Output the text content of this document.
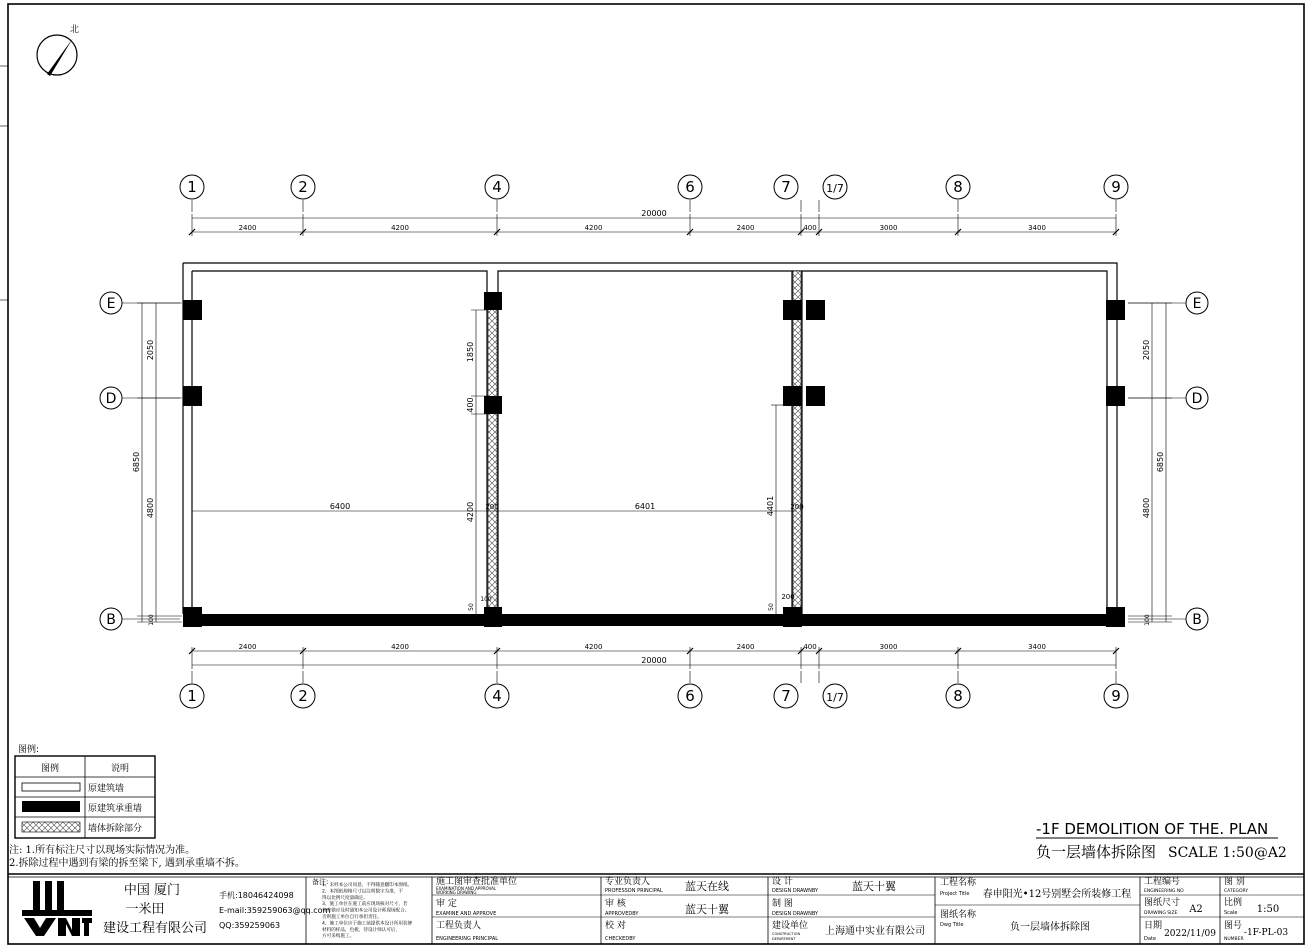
北
20000
2400	4200	4200	2400	400	3000	3400
20000
2400	4200	4200	2400	400	3000	3400
1	2	4	6	7	1/7	8	9
1	2	4	6	7	1/7	8	9
E	E
D	D
B	B
6850
2050
4800
100
6850
2050
4800
100
6400	6401
200	200
1850
400
4200	4401
50
100
50
200
图例:
图例	说明
原建筑墙
原建筑承重墙
墙体拆除部分
注: 1.所有标注尺寸以现场实际情况为准。
2.拆除过程中遇到有梁的拆至梁下, 遇到承重墙不拆。
-1F DEMOLITION OF THE. PLAN
负一层墙体拆除图 SCALE 1:50@A2
中国 厦门
一米田
建设工程有限公司
手机:18046424098
E-mail:359259063@qq.com
QQ:359259063
备注:
1、未经本公司同意，不得随意翻印本图纸。
2、本图纸规格尺寸以注明数字为准，不
得以比例尺度量确定。
3、施工单位在施工前应现场核对尺寸，若
有差错应及时通知本公司设计师现场配合。
否则施工单位自行承担责任。
4、施工单位应于施工前提供本设计所用装修
材料的样品，色板，待设计师认可后，
方可采购施工。
施工图审查批准单位
EXAMINATION AND APPROVAL
WORKING DRAWING
审 定
EXAMINE AND APPROVE
工程负责人
ENGINEERING PRINCIPAL
专业负责人
PROFESSON PRINCIPAL 蓝天在线
审 核
APPROVEDBY	蓝天十翼
校 对
CHECKEDBY
设 计
DESIGN DRAWNBY	蓝天十翼
制 图
DESIGN DRAWNBY
建设单位
CONSTRUCTION
DEPARTMENT
上海通中实业有限公司
工程名称
Project Title 春申阳光•12号别墅会所装修工程
图纸名称
Dwg Title	负一层墙体拆除图
工程编号
ENGINEERING NO
图纸尺寸
DRAWING SIZE A2
日期
Date 2022/11/09
图 别
CATEGORY
比例
Scale 1:50
图号
NUMBER
-1F-PL-03
